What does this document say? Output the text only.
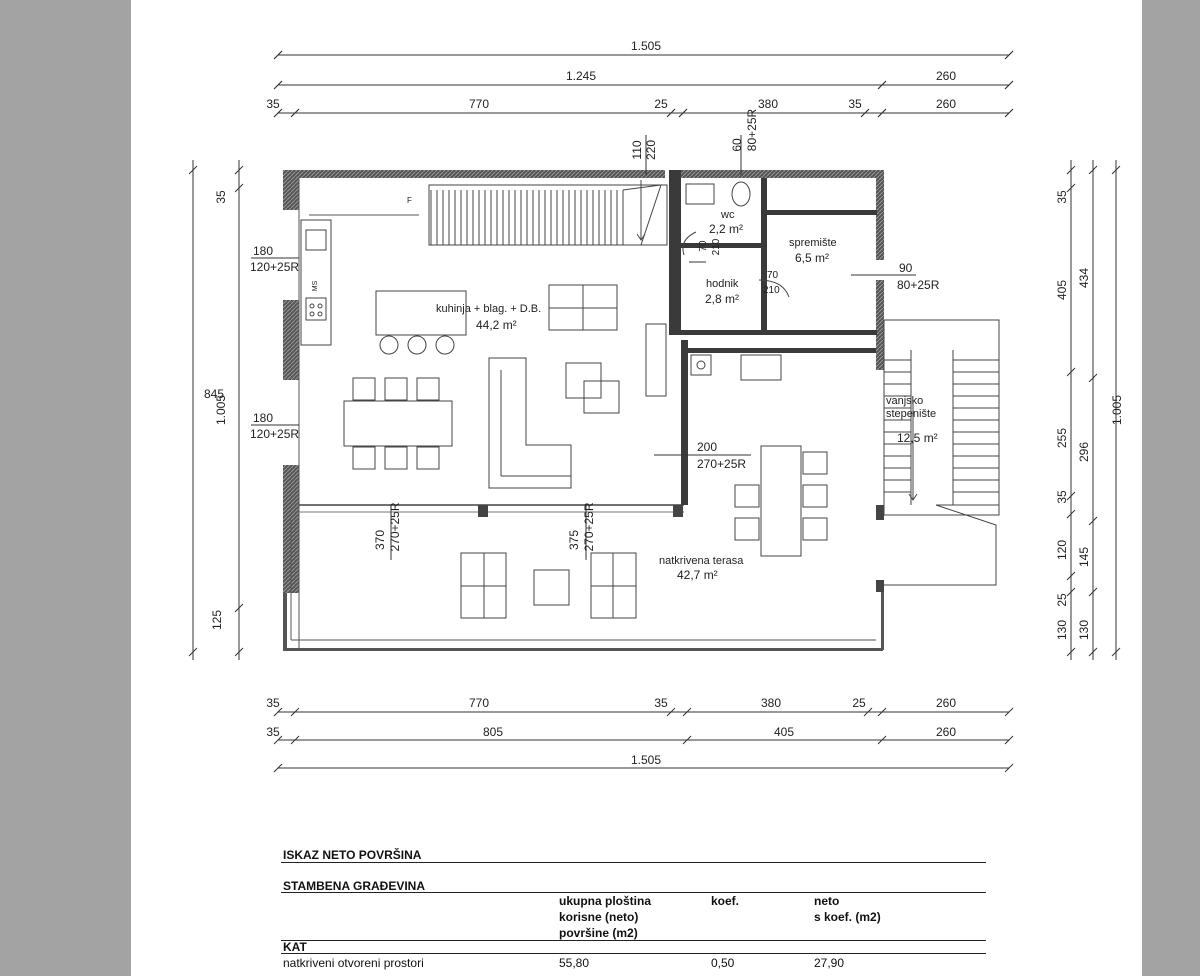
1.505
1.245	260
35	770	25	380	35	260
1.005
35
125
845
35
405
255
35
120
25
130
434
296
145
130
1.005
35	770	35	380	25	260
35	805	405	260
1.505
110 220	60 80+25R
180
120+25R
180
120+25R
90
80+25R
200
270+25R
370 270+25R	375 270+25R
70 210
70
210
kuhinja + blag. + D.B.
44,2 m²
wc
2,2 m²
spremište
6,5 m²
hodnik
2,8 m²
vanjsko
stepenište
12,5 m²
natkrivena terasa
42,7 m²
F
MS
ISKAZ NETO POVRŠINA
STAMBENA GRAĐEVINA
ukupna ploština
korisne (neto)
površine (m2)
koef.	neto
s koef. (m2)
KAT
natkriveni otvoreni prostori	55,80	0,50	27,90
